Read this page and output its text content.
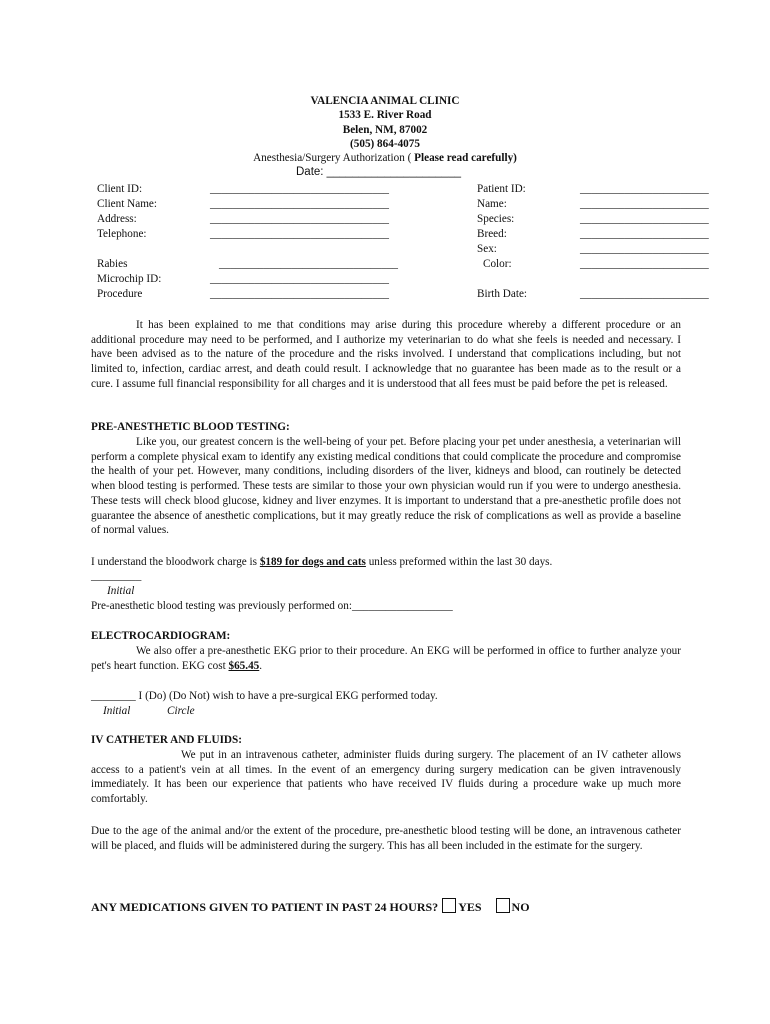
VALENCIA ANIMAL CLINIC
1533 E. River Road
Belen, NM, 87002
(505) 864-4075
Anesthesia/Surgery Authorization ( Please read carefully)
Date: _____________________
Client ID:	________________________________
Client Name:	________________________________
Address:	________________________________
Telephone:	________________________________
Rabies	________________________________
Microchip ID:	________________________________
Procedure	________________________________
Patient ID:	_______________________
Name:	_______________________
Species:	_______________________
Breed:	_______________________
Sex:	_______________________
Color:	_______________________
Birth Date:	_______________________
It has been explained to me that conditions may arise during this procedure whereby a different procedure or an additional procedure may need to be performed, and I authorize my veterinarian to do what she feels is needed and necessary. I have been advised as to the nature of the procedure and the risks involved. I understand that complications including, but not limited to, infection, cardiac arrest, and death could result. I acknowledge that no guarantee has been made as to the result or a cure. I assume full financial responsibility for all charges and it is understood that all fees must be paid before the pet is released.
PRE-ANESTHETIC BLOOD TESTING:
Like you, our greatest concern is the well-being of your pet. Before placing your pet under anesthesia, a veterinarian will perform a complete physical exam to identify any existing medical conditions that could complicate the procedure and compromise the health of your pet. However, many conditions, including disorders of the liver, kidneys and blood, can routinely be detected when blood testing is performed. These tests are similar to those your own physician would run if you were to undergo anesthesia. These tests will check blood glucose, kidney and liver enzymes. It is important to understand that a pre-anesthetic profile does not guarantee the absence of anesthetic complications, but it may greatly reduce the risk of complications as well as provide a baseline of normal values.
I understand the bloodwork charge is $189 for dogs and cats unless preformed within the last 30 days.
_________
Initial
Pre-anesthetic blood testing was previously performed on:__________________
ELECTROCARDIOGRAM:
We also offer a pre-anesthetic EKG prior to their procedure. An EKG will be performed in office to further analyze your pet's heart function. EKG cost $65.45.
________ I (Do) (Do Not) wish to have a pre-surgical EKG performed today.
Initial	Circle
IV CATHETER AND FLUIDS:
We put in an intravenous catheter, administer fluids during surgery. The placement of an IV catheter allows access to a patient's vein at all times. In the event of an emergency during surgery medication can be given intravenously immediately. It has been our experience that patients who have received IV fluids during a procedure wake up much more comfortably.
Due to the age of the animal and/or the extent of the procedure, pre-anesthetic blood testing will be done, an intravenous catheter will be placed, and fluids will be administered during the surgery. This has all been included in the estimate for the surgery.
ANY MEDICATIONS GIVEN TO PATIENT IN PAST 24 HOURS? YES	NO
